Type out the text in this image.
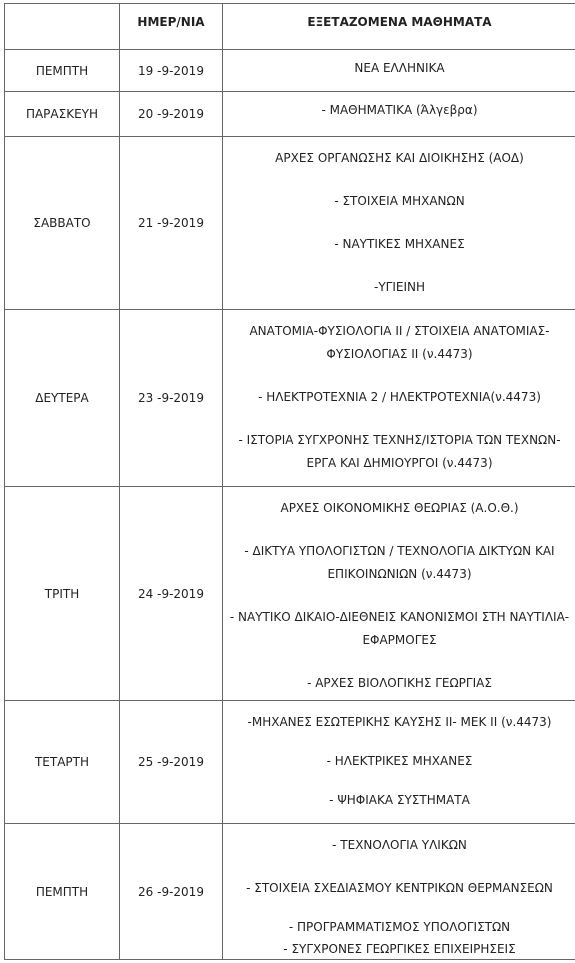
	ΗΜΕΡ/ΝΙΑ	ΕΞΕΤΑΖΟΜΕΝΑ ΜΑΘΗΜΑΤΑ
ΠΕΜΠΤΗ	19 -9-2019	ΝΕΑ ΕΛΛΗΝΙΚΑ

ΠΑΡΑΣΚΕΥΗ	20 -9-2019	- ΜΑΘΗΜΑΤΙΚΑ (Άλγεβρα)

ΣΑΒΒΑΤΟ	21 -9-2019	ΑΡΧΕΣ ΟΡΓΑΝΩΣΗΣ ΚΑΙ ΔΙΟΙΚΗΣΗΣ (ΑΟΔ)
- ΣΤΟΙΧΕΙΑ ΜΗΧΑΝΩΝ
- ΝΑΥΤΙΚΕΣ ΜΗΧΑΝΕΣ
-ΥΓΙΕΙΝΗ

ΔΕΥΤΕΡΑ	23 -9-2019	ΑΝΑΤΟΜΙΑ-ΦΥΣΙΟΛΟΓΙΑ ΙΙ / ΣΤΟΙΧΕΙΑ ΑΝΑΤΟΜΙΑΣ-ΦΥΣΙΟΛΟΓΙΑΣ ΙΙ (ν.4473)
- ΗΛΕΚΤΡΟΤΕΧΝΙΑ 2 / ΗΛΕΚΤΡΟΤΕΧΝΙΑ(ν.4473)
- ΙΣΤΟΡΙΑ ΣΥΓΧΡΟΝΗΣ ΤΕΧΝΗΣ/ΙΣΤΟΡΙΑ ΤΩΝ ΤΕΧΝΩΝ-ΕΡΓΑ ΚΑΙ ΔΗΜΙΟΥΡΓΟΙ (ν.4473)

ΤΡΙΤΗ	24 -9-2019	ΑΡΧΕΣ ΟΙΚΟΝΟΜΙΚΗΣ ΘΕΩΡΙΑΣ (Α.Ο.Θ.)
- ΔΙΚΤΥΑ ΥΠΟΛΟΓΙΣΤΩΝ / ΤΕΧΝΟΛΟΓΙΑ ΔΙΚΤΥΩΝ ΚΑΙ ΕΠΙΚΟΙΝΩΝΙΩΝ (ν.4473)
- ΝΑΥΤΙΚΟ ΔΙΚΑΙΟ-ΔΙΕΘΝΕΙΣ ΚΑΝΟΝΙΣΜΟΙ ΣΤΗ ΝΑΥΤΙΛΙΑ-ΕΦΑΡΜΟΓΕΣ
- ΑΡΧΕΣ ΒΙΟΛΟΓΙΚΗΣ ΓΕΩΡΓΙΑΣ

ΤΕΤΑΡΤΗ	25 -9-2019	-ΜΗΧΑΝΕΣ ΕΣΩΤΕΡΙΚΗΣ ΚΑΥΣΗΣ ΙΙ- ΜΕΚ ΙΙ (ν.4473)
- ΗΛΕΚΤΡΙΚΕΣ ΜΗΧΑΝΕΣ
- ΨΗΦΙΑΚΑ ΣΥΣΤΗΜΑΤΑ

ΠΕΜΠΤΗ	26 -9-2019	- ΤΕΧΝΟΛΟΓΙΑ ΥΛΙΚΩΝ
- ΣΤΟΙΧΕΙΑ ΣΧΕΔΙΑΣΜΟΥ ΚΕΝΤΡΙΚΩΝ ΘΕΡΜΑΝΣΕΩΝ
- ΠΡΟΓΡΑΜΜΑΤΙΣΜΟΣ ΥΠΟΛΟΓΙΣΤΩΝ
- ΣΥΓΧΡΟΝΕΣ ΓΕΩΡΓΙΚΕΣ ΕΠΙΧΕΙΡΗΣΕΙΣ
